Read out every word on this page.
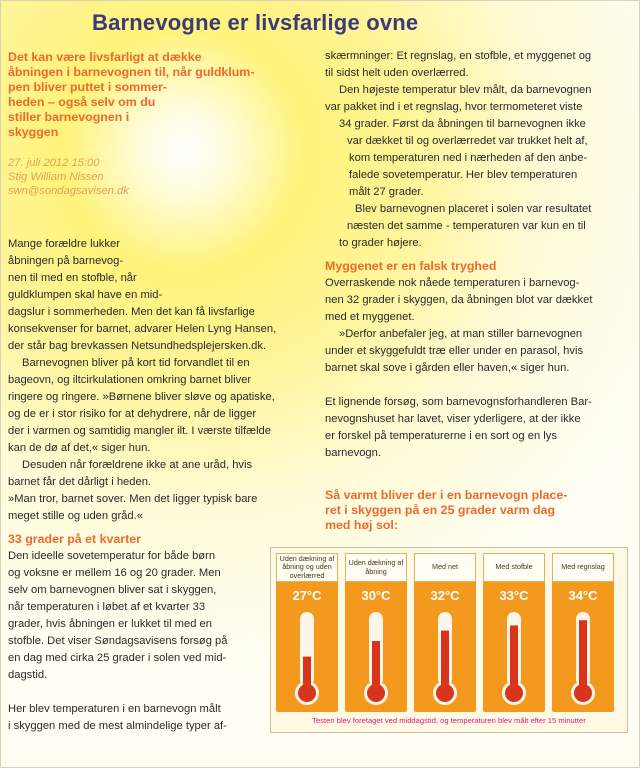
Barnevogne er livsfarlige ovne
Det kan være livsfarligt at dække
åbningen i barnevognen til, når guldklum-
pen bliver puttet i sommer-
heden – også selv om du
stiller barnevognen i
skyggen
27. juli 2012 15:00
Stig William Nissen
swn@sondagsavisen.dk
Mange forældre lukker
åbningen på barnevog-
nen til med en stofble, når
guldklumpen skal have en mid-
dagslur i sommerheden. Men det kan få livsfarlige
konsekvenser for barnet, advarer Helen Lyng Hansen,
der står bag brevkassen Netsundhedsplejersken.dk.
Barnevognen bliver på kort tid forvandlet til en
bageovn, og iltcirkulationen omkring barnet bliver
ringere og ringere. »Børnene bliver sløve og apatiske,
og de er i stor risiko for at dehydrere, når de ligger
der i varmen og samtidig mangler ilt. I værste tilfælde
kan de dø af det,« siger hun.
Desuden når forældrene ikke at ane uråd, hvis
barnet får det dårligt i heden.
»Man tror, barnet sover. Men det ligger typisk bare
meget stille og uden gråd.«
33 grader på et kvarter
Den ideelle sovetemperatur for både børn
og voksne er mellem 16 og 20 grader. Men
selv om barnevognen bliver sat i skyggen,
når temperaturen i løbet af et kvarter 33
grader, hvis åbningen er lukket til med en
stofble. Det viser Søndagsavisens forsøg på
en dag med cirka 25 grader i solen ved mid-
dagstid.
Her blev temperaturen i en barnevogn målt
i skyggen med de mest almindelige typer af-
skærmninger: Et regnslag, en stofble, et myggenet og
til sidst helt uden overlærred.
Den højeste temperatur blev målt, da barnevognen
var pakket ind i et regnslag, hvor termometeret viste
34 grader. Først da åbningen til barnevognen ikke
var dækket til og overlærredet var trukket helt af,
kom temperaturen ned i nærheden af den anbe-
falede sovetemperatur. Her blev temperaturen
målt 27 grader.
Blev barnevognen placeret i solen var resultatet
næsten det samme - temperaturen var kun en til
to grader højere.
Myggenet er en falsk tryghed
Overraskende nok nåede temperaturen i barnevog-
nen 32 grader i skyggen, da åbningen blot var dækket
med et myggenet.
»Derfor anbefaler jeg, at man stiller barnevognen
under et skyggefuldt træ eller under en parasol, hvis
barnet skal sove i gården eller haven,« siger hun.
Et lignende forsøg, som barnevognsforhandleren Bar-
nevognshuset har lavet, viser yderligere, at der ikke
er forskel på temperaturerne i en sort og en lys
barnevogn.
Så varmt bliver der i en barnevogn place-
ret i skyggen på en 25 grader varm dag
med høj sol:
Uden dækning af åbning og uden overlærred
27°C
Uden dækning af åbning
30°C
Med net
32°C
Med stofble
33°C
Med regnslag
34°C
Testen blev foretaget ved middagstid, og temperaturen blev målt efter 15 minutter
